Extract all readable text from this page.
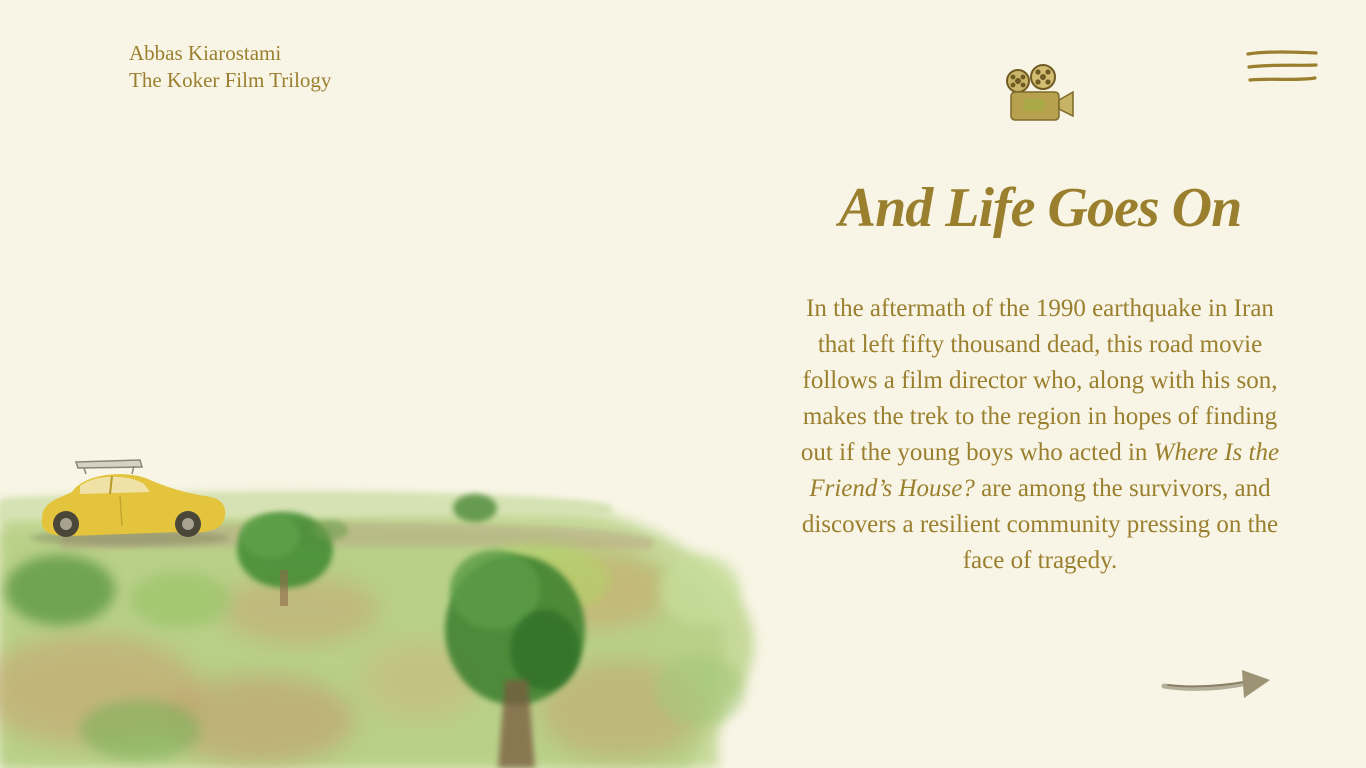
Abbas Kiarostami
The Koker Film Trilogy
And Life Goes On
In the aftermath of the 1990 earthquake in Iran that left fifty thousand dead, this road movie follows a film director who, along with his son, makes the trek to the region in hopes of finding out if the young boys who acted in Where Is the Friend’s House? are among the survivors, and discovers a resilient community pressing on the face of tragedy.
